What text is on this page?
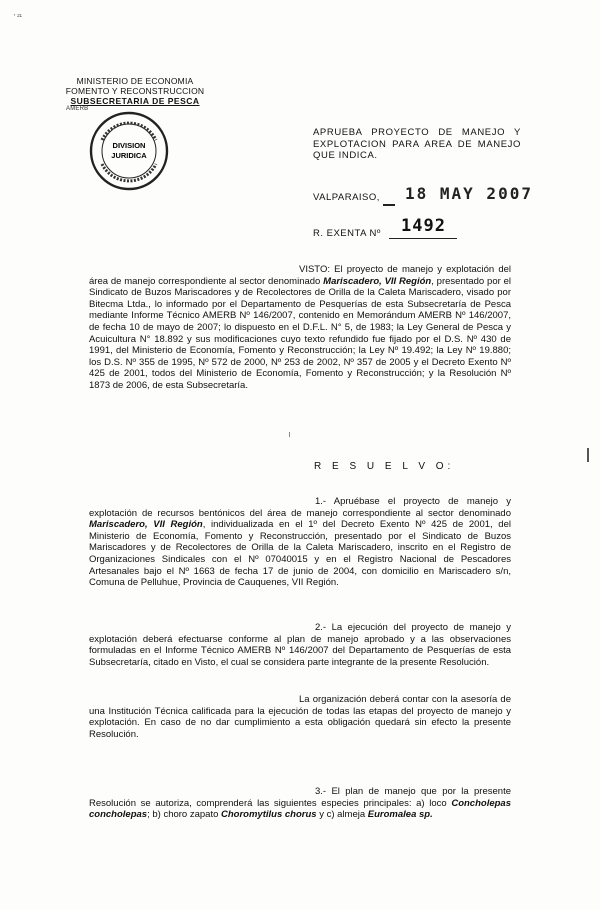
' ²¹
MINISTERIO DE ECONOMIA
FOMENTO Y RECONSTRUCCION
SUBSECRETARIA DE PESCA
AMERB
DIVISION
JURIDICA
APRUEBA PROYECTO DE MANEJO Y EXPLOTACION PARA AREA DE MANEJO QUE INDICA.
VALPARAISO, 18 MAY 2007
R. EXENTA Nº 1492

VISTO: El proyecto de manejo y explotación del área de manejo correspondiente al sector denominado Mariscadero, VII Región, presentado por el Sindicato de Buzos Mariscadores y de Recolectores de Orilla de la Caleta Mariscadero, visado por Bitecma Ltda., lo informado por el Departamento de Pesquerías de esta Subsecretaría de Pesca mediante Informe Técnico AMERB Nº 146/2007, contenido en Memorándum AMERB Nº 146/2007, de fecha 10 de mayo de 2007; lo dispuesto en el D.F.L. N° 5, de 1983; la Ley General de Pesca y Acuicultura N° 18.892 y sus modificaciones cuyo texto refundido fue fijado por el D.S. Nº 430 de 1991, del Ministerio de Economía, Fomento y Reconstrucción; la Ley Nº 19.492; la Ley Nº 19.880; los D.S. Nº 355 de 1995, Nº 572 de 2000, Nº 253 de 2002, Nº 357 de 2005 y el Decreto Exento Nº 425 de 2001, todos del Ministerio de Economía, Fomento y Reconstrucción; y la Resolución Nº 1873 de 2006, de esta Subsecretaría.

R E S U E L V O:

1.- Apruébase el proyecto de manejo y explotación de recursos bentónicos del área de manejo correspondiente al sector denominado Mariscadero, VII Región, individualizada en el 1º del Decreto Exento Nº 425 de 2001, del Ministerio de Economía, Fomento y Reconstrucción, presentado por el Sindicato de Buzos Mariscadores y de Recolectores de Orilla de la Caleta Mariscadero, inscrito en el Registro de Organizaciones Sindicales con el Nº 07040015 y en el Registro Nacional de Pescadores Artesanales bajo el Nº 1663 de fecha 17 de junio de 2004, con domicilio en Mariscadero s/n, Comuna de Pelluhue, Provincia de Cauquenes, VII Región.

2.- La ejecución del proyecto de manejo y explotación deberá efectuarse conforme al plan de manejo aprobado y a las observaciones formuladas en el Informe Técnico AMERB Nº 146/2007 del Departamento de Pesquerías de esta Subsecretaría, citado en Visto, el cual se considera parte integrante de la presente Resolución.

La organización deberá contar con la asesoría de una Institución Técnica calificada para la ejecución de todas las etapas del proyecto de manejo y explotación. En caso de no dar cumplimiento a esta obligación quedará sin efecto la presente Resolución.

3.- El plan de manejo que por la presente Resolución se autoriza, comprenderá las siguientes especies principales: a) loco Concholepas concholepas; b) choro zapato Choromytilus chorus y c) almeja Euromalea sp.
